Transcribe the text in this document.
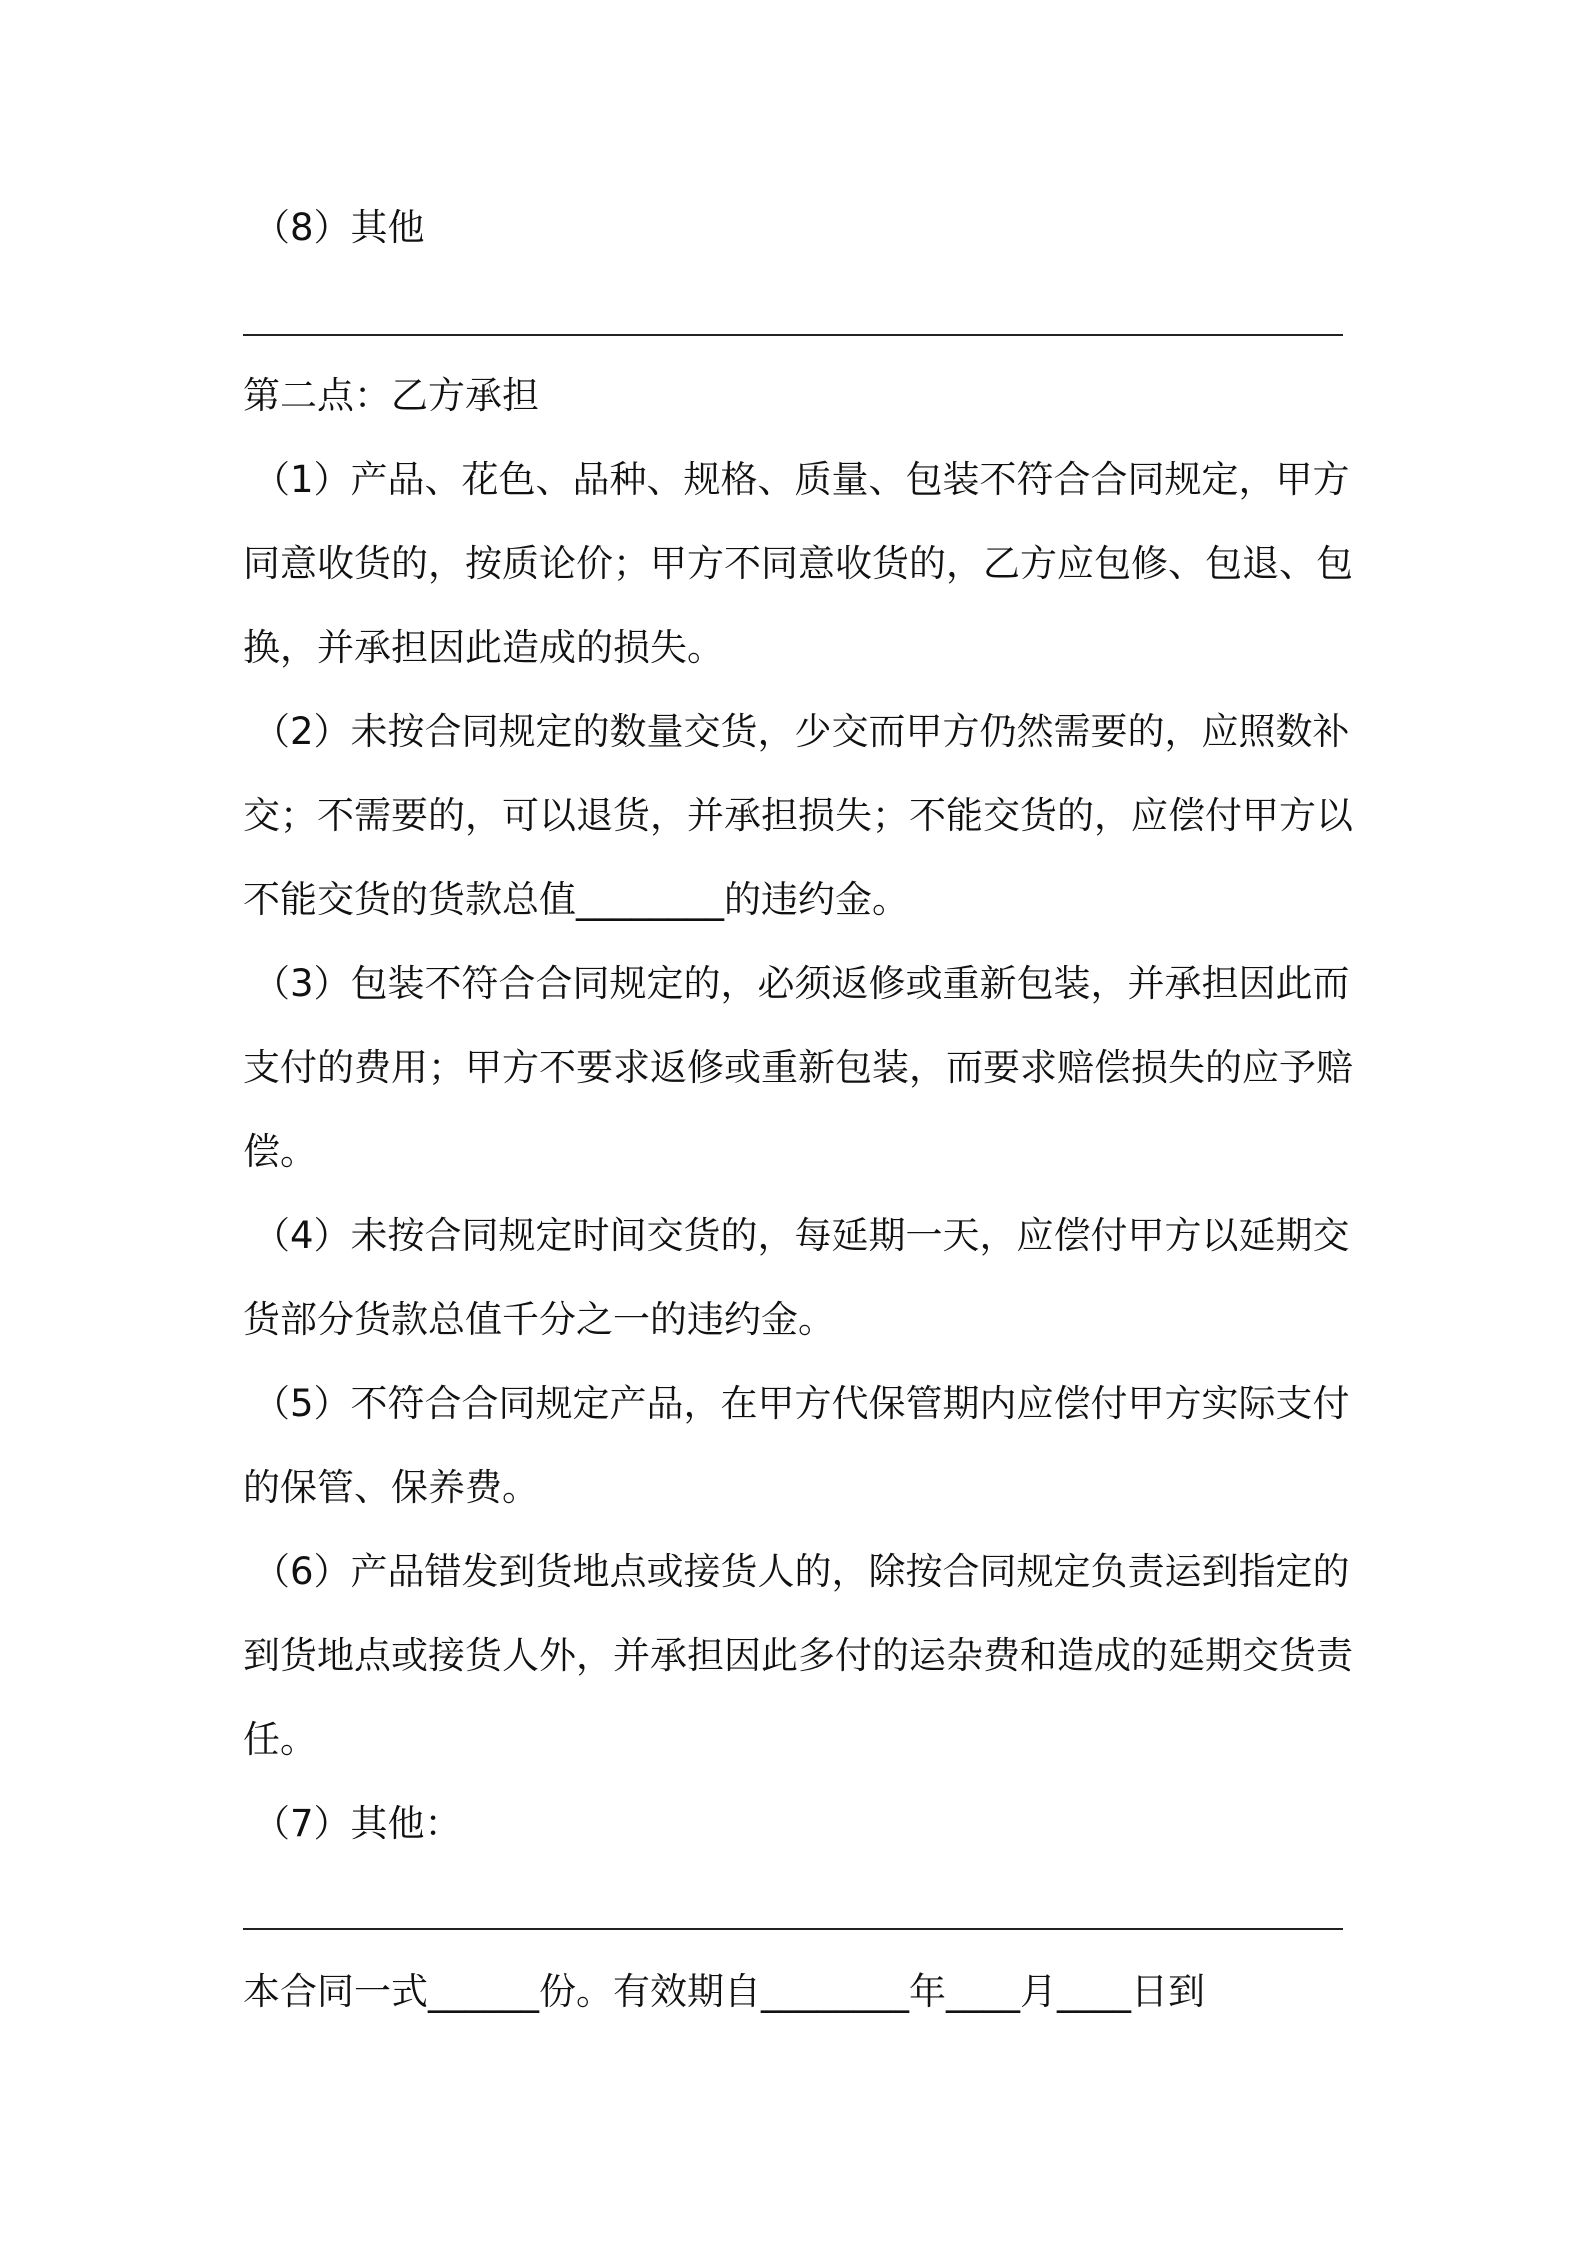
（8）其他
第二点：乙方承担
（1）产品、花色、品种、规格、质量、包装不符合合同规定，甲方
同意收货的，按质论价；甲方不同意收货的，乙方应包修、包退、包
换，并承担因此造成的损失。
（2）未按合同规定的数量交货，少交而甲方仍然需要的，应照数补
交；不需要的，可以退货，并承担损失；不能交货的，应偿付甲方以
不能交货的货款总值________的违约金。
（3）包装不符合合同规定的，必须返修或重新包装，并承担因此而
支付的费用；甲方不要求返修或重新包装，而要求赔偿损失的应予赔
偿。
（4）未按合同规定时间交货的，每延期一天，应偿付甲方以延期交
货部分货款总值千分之一的违约金。
（5）不符合合同规定产品，在甲方代保管期内应偿付甲方实际支付
的保管、保养费。
（6）产品错发到货地点或接货人的，除按合同规定负责运到指定的
到货地点或接货人外，并承担因此多付的运杂费和造成的延期交货责
任。
（7）其他：
本合同一式______份。有效期自________年____月____日到
